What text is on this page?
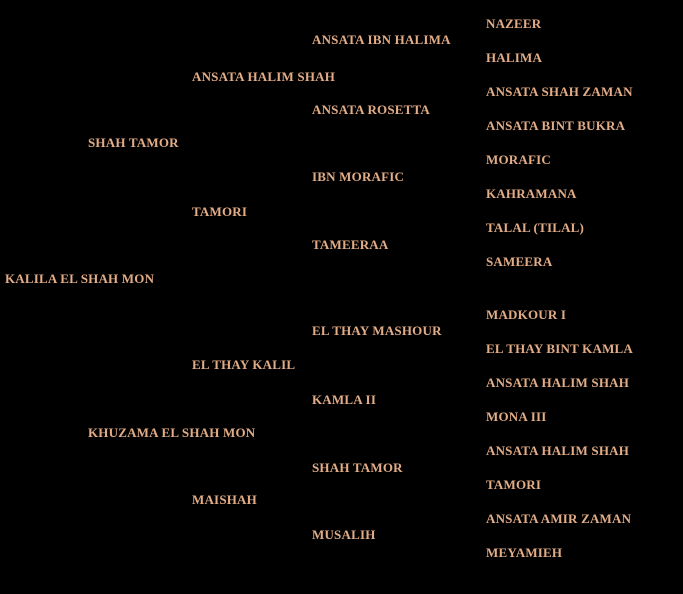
KALILA EL SHAH MON
SHAH TAMOR
KHUZAMA EL SHAH MON
ANSATA HALIM SHAH
TAMORI
EL THAY KALIL
MAISHAH
ANSATA IBN HALIMA
ANSATA ROSETTA
IBN MORAFIC
TAMEERAA
EL THAY MASHOUR
KAMLA II
SHAH TAMOR
MUSALIH
NAZEER
HALIMA
ANSATA SHAH ZAMAN
ANSATA BINT BUKRA
MORAFIC
KAHRAMANA
TALAL (TILAL)
SAMEERA
MADKOUR I
EL THAY BINT KAMLA
ANSATA HALIM SHAH
MONA III
ANSATA HALIM SHAH
TAMORI
ANSATA AMIR ZAMAN
MEYAMIEH
